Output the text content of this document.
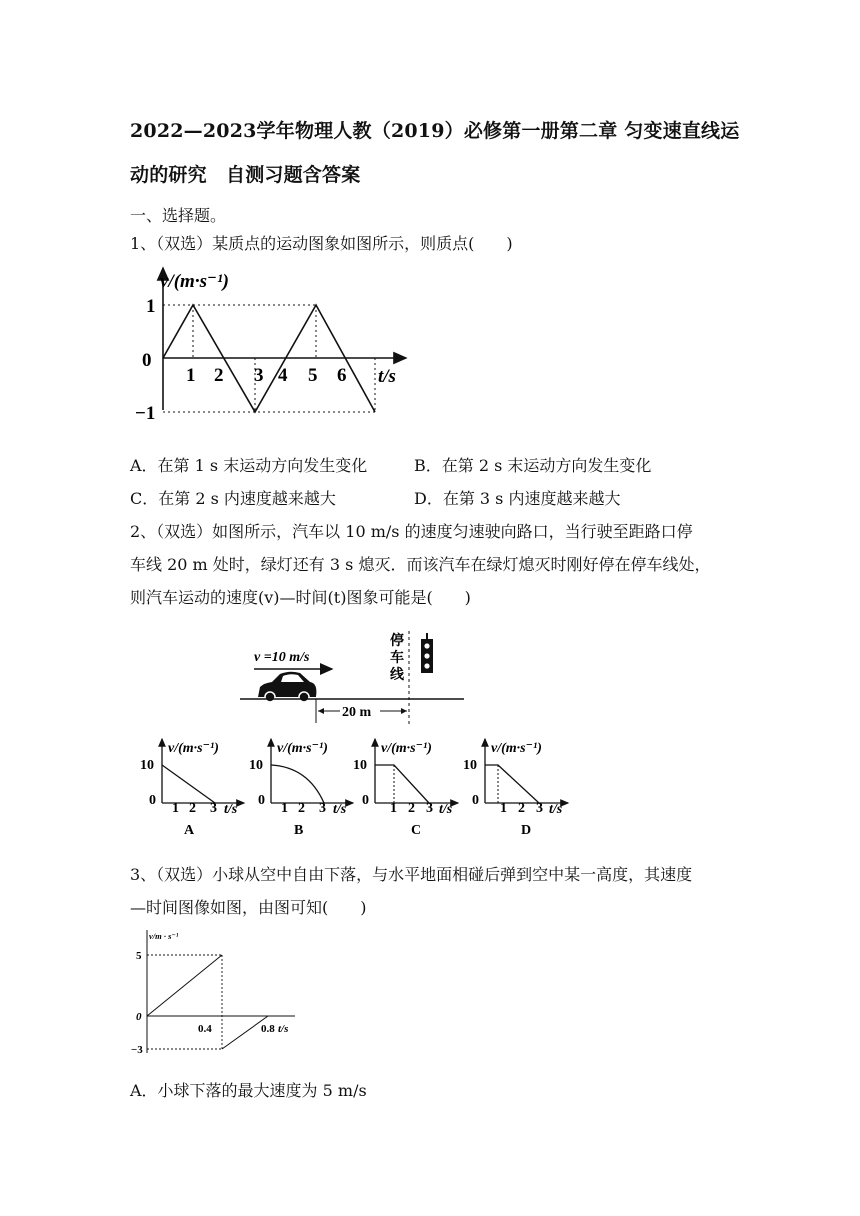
2022—2023学年物理人教（2019）必修第一册第二章 匀变速直线运
动的研究　自测习题含答案
一、选择题。
1、（双选）某质点的运动图象如图所示，则质点(　　)
v/(m·s⁻¹)
t/s
1
0
−1
1 2 3 4 5 6
A．在第 1 s 末运动方向发生变化	B．在第 2 s 末运动方向发生变化
C．在第 2 s 内速度越来越大	D．在第 3 s 内速度越来越大
2、（双选）如图所示，汽车以 10 m/s 的速度匀速驶向路口，当行驶至距路口停
车线 20 m 处时，绿灯还有 3 s 熄灭．而该汽车在绿灯熄灭时刚好停在停车线处，
则汽车运动的速度(v)—时间(t)图象可能是(　　)
v =10 m/s
停
车
线
20 m
v/(m·s⁻¹)
10
0
1 2 3 t/s
A
v/(m·s⁻¹)
10
0
1 2 3 t/s
B
v/(m·s⁻¹)
10
0
1 2 3 t/s
C
v/(m·s⁻¹)
10
0
1 2 3 t/s
D
3、（双选）小球从空中自由下落，与水平地面相碰后弹到空中某一高度，其速度
—时间图像如图，由图可知(　　)
v/m · s⁻¹
5
0
−3
0.4	0.8 t/s
A．小球下落的最大速度为 5 m/s
